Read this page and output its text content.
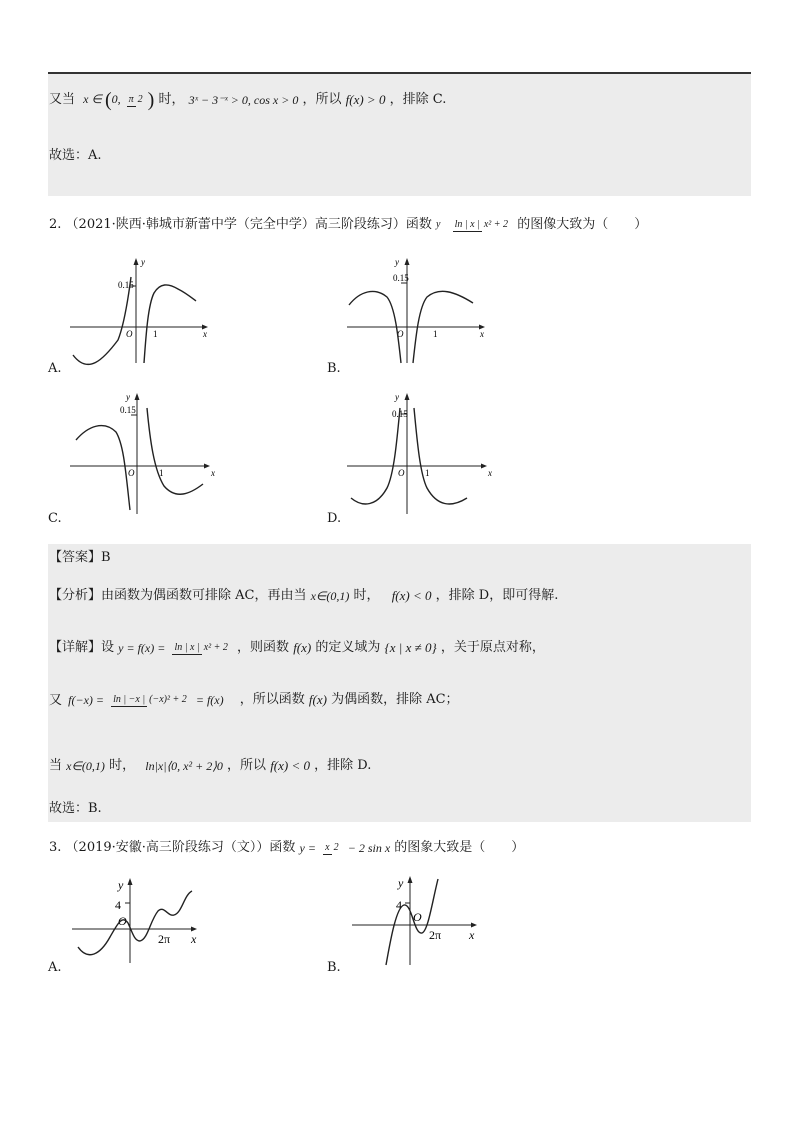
又当 x ∈ (0, π 2 ) 时， 3ˣ − 3⁻ˣ > 0, cos x > 0 ，所以 f(x) > 0 ，排除 C.
故选：A.
2. （2021·陕西·韩城市新蕾中学（完全中学）高三阶段练习）函数 y ln | x | x² + 2 的图像大致为（　　）
0.15
y
O 1	x
A.
0.15
y
O	1	x
B.
0.15
y
O	1	x
C.
0.15
y
O 1	x
D.
【答案】B
【分析】由函数为偶函数可排除 AC，再由当 x∈(0,1) 时， f(x) < 0 ，排除 D，即可得解.
【详解】设 y = f(x) = ln | x | x² + 2 ，则函数 f(x) 的定义域为 {x | x ≠ 0} ，关于原点对称，
又 f(−x) = ln | −x | (−x)² + 2 = f(x) ，所以函数 f(x) 为偶函数，排除 AC；
当 x∈(0,1) 时， ln|x|⟨0, x² + 2⟩0 ，所以 f(x) < 0 ，排除 D.
故选：B.
3. （2019·安徽·高三阶段练习（文））函数 y = x 2 − 2 sin x 的图象大致是（　　）
y
4
O
2π x
A.
y
4
O
2π x
B.
